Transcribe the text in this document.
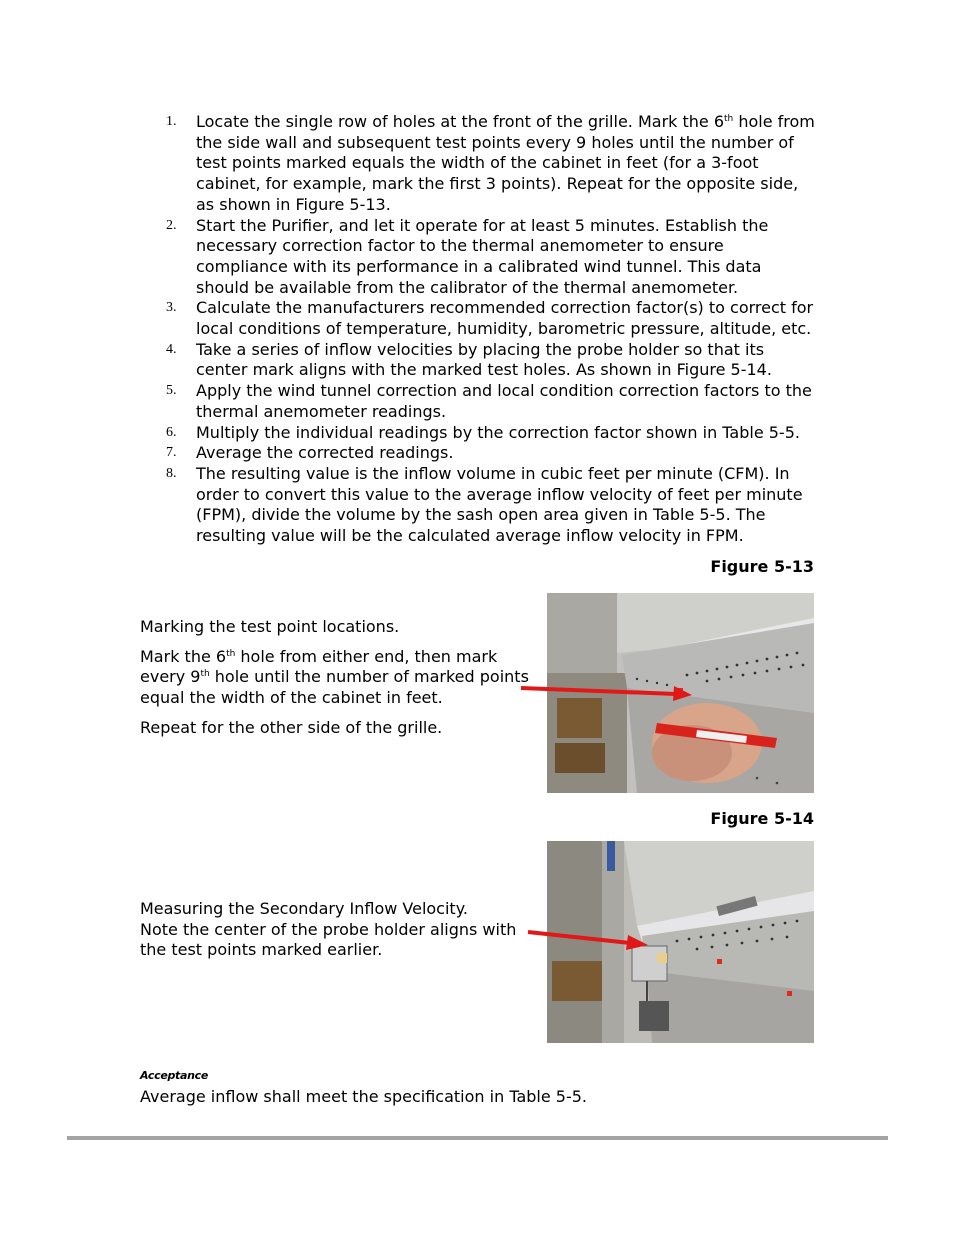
1.	Locate the single row of holes at the front of the grille. Mark the 6th hole from the side wall and subsequent test points every 9 holes until the number of test points marked equals the width of the cabinet in feet (for a 3-foot cabinet, for example, mark the first 3 points). Repeat for the opposite side, as shown in Figure 5-13.
2.	Start the Purifier, and let it operate for at least 5 minutes. Establish the necessary correction factor to the thermal anemometer to ensure compliance with its performance in a calibrated wind tunnel. This data should be available from the calibrator of the thermal anemometer.
3.	Calculate the manufacturers recommended correction factor(s) to correct for local conditions of temperature, humidity, barometric pressure, altitude, etc.
4.	Take a series of inflow velocities by placing the probe holder so that its center mark aligns with the marked test holes. As shown in Figure 5-14.
5.	Apply the wind tunnel correction and local condition correction factors to the thermal anemometer readings.
6.	Multiply the individual readings by the correction factor shown in Table 5-5.
7.	Average the corrected readings.
8.	The resulting value is the inflow volume in cubic feet per minute (CFM). In order to convert this value to the average inflow velocity of feet per minute (FPM), divide the volume by the sash open area given in Table 5-5. The resulting value will be the calculated average inflow velocity in FPM.
Figure 5-13

Marking the test point locations.

Mark the 6th hole from either end, then mark every 9th hole until the number of marked points equal the width of the cabinet in feet.

Repeat for the other side of the grille.

Figure 5-14
Measuring the Secondary Inflow Velocity.
Note the center of the probe holder aligns with the test points marked earlier.
Acceptance
Average inflow shall meet the specification in Table 5-5.
